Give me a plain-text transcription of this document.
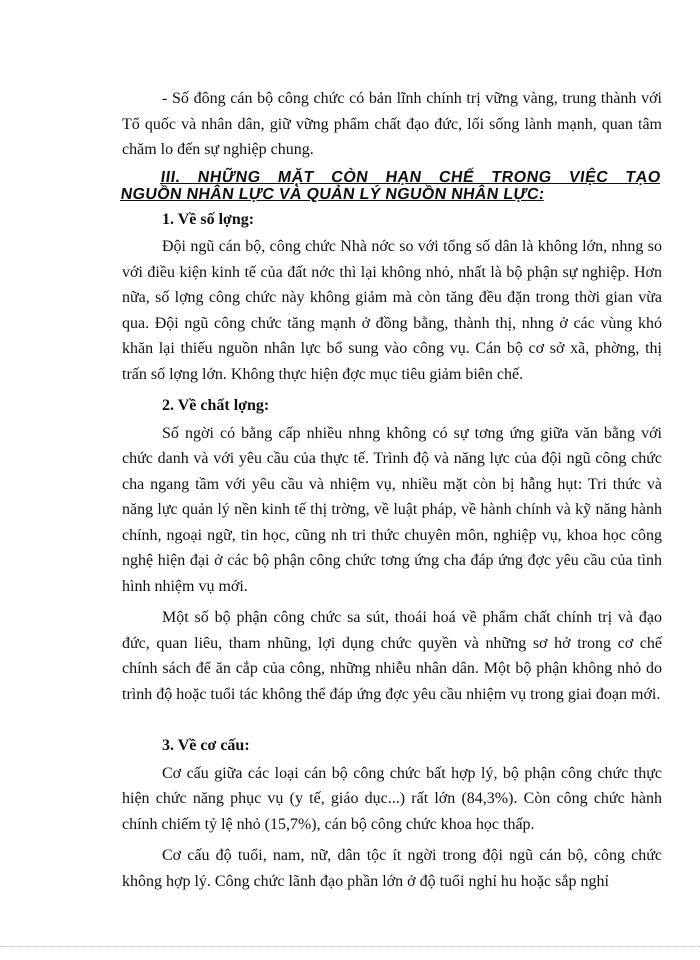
- Số đông cán bộ công chức có bản lĩnh chính trị vững vàng, trung thành với Tổ quốc và nhân dân, giữ vững phẩm chất đạo đức, lối sống lành mạnh, quan tâm chăm lo đến sự nghiệp chung.

III. NHỮNG MẶT CÒN HẠN CHẾ TRONG VIỆC TẠO
NGUỒN NHÂN LỰC VÀ QUẢN LÝ NGUỒN NHÂN LỰC:
1. Về số lợng:

Đội ngũ cán bộ, công chức Nhà nớc so với tổng số dân là không lớn, nhng so với điều kiện kinh tế của đất nớc thì lại không nhỏ, nhất là bộ phận sự nghiệp. Hơn nữa, số lợng công chức này không giảm mà còn tăng đều đặn trong thời gian vừa qua. Đội ngũ công chức tăng mạnh ở đồng bằng, thành thị, nhng ở các vùng khó khăn lại thiếu nguồn nhân lực bổ sung vào công vụ. Cán bộ cơ sở xã, phờng, thị trấn số lợng lớn. Không thực hiện đợc mục tiêu giảm biên chế.

2. Về chất lợng:

Số ngời có bằng cấp nhiều nhng không có sự tơng ứng giữa văn bằng với chức danh và với yêu cầu của thực tế. Trình độ và năng lực của đội ngũ công chức cha ngang tầm với yêu cầu và nhiệm vụ, nhiều mặt còn bị hẫng hụt: Tri thức và năng lực quản lý nền kinh tế thị trờng, về luật pháp, về hành chính và kỹ năng hành chính, ngoại ngữ, tin học, cũng nh tri thức chuyên môn, nghiệp vụ, khoa học công nghệ hiện đại ở các bộ phận công chức tơng ứng cha đáp ứng đợc yêu cầu của tình hình nhiệm vụ mới.

Một số bộ phận công chức sa sút, thoái hoá về phẩm chất chính trị và đạo đức, quan liêu, tham nhũng, lợi dụng chức quyền và những sơ hở trong cơ chế chính sách để ăn cắp của công, những nhiễu nhân dân. Một bộ phận không nhỏ do trình độ hoặc tuổi tác không thể đáp ứng đợc yêu cầu nhiệm vụ trong giai đoạn mới.

3. Về cơ cấu:

Cơ cấu giữa các loại cán bộ công chức bất hợp lý, bộ phận công chức thực hiện chức năng phục vụ (y tế, giáo dục...) rất lớn (84,3%). Còn công chức hành chính chiếm tỷ lệ nhỏ (15,7%), cán bộ công chức khoa học thấp.

Cơ cấu độ tuổi, nam, nữ, dân tộc ít ngời trong đội ngũ cán bộ, công chức không hợp lý. Công chức lãnh đạo phần lớn ở độ tuổi nghỉ hu hoặc sắp nghỉ
